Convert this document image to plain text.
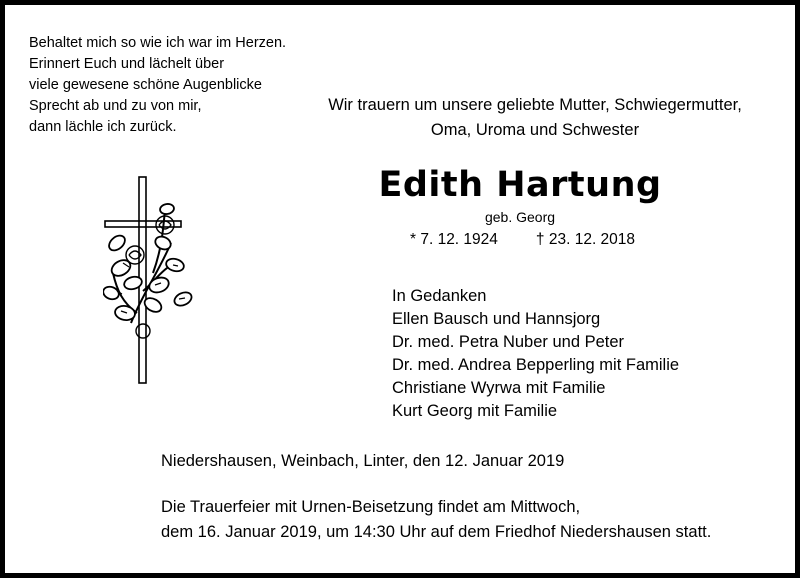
Behaltet mich so wie ich war im Herzen.
Erinnert Euch und lächelt über
viele gewesene schöne Augenblicke
Sprecht ab und zu von mir,
dann lächle ich zurück.
Wir trauern um unsere geliebte Mutter, Schwiegermutter,
Oma, Uroma und Schwester
Edith Hartung
geb. Georg
* 7. 12. 1924 † 23. 12. 2018
In Gedanken
Ellen Bausch und Hannsjorg
Dr. med. Petra Nuber und Peter
Dr. med. Andrea Bepperling mit Familie
Christiane Wyrwa mit Familie
Kurt Georg mit Familie
Niedershausen, Weinbach, Linter, den 12. Januar 2019
Die Trauerfeier mit Urnen-Beisetzung findet am Mittwoch,
dem 16. Januar 2019, um 14:30 Uhr auf dem Friedhof Niedershausen statt.
